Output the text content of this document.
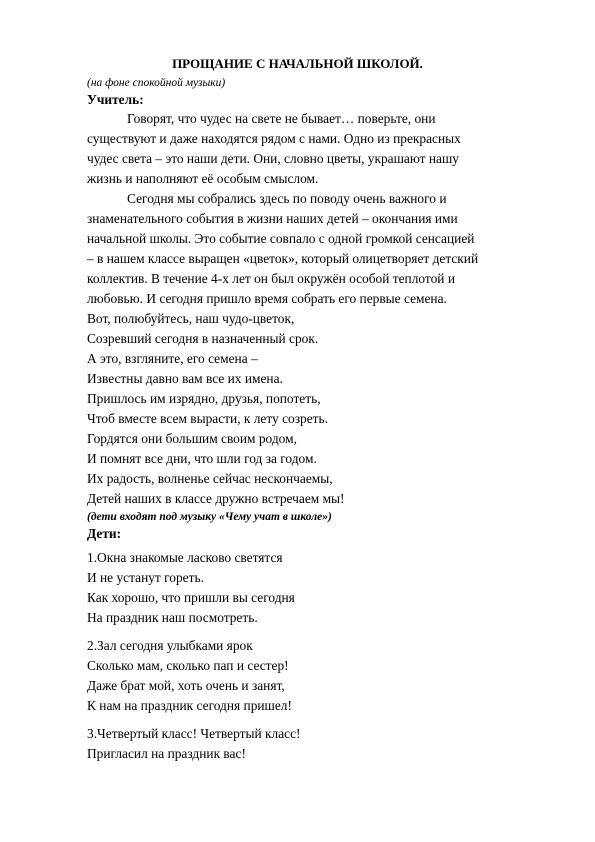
ПРОЩАНИЕ С НАЧАЛЬНОЙ ШКОЛОЙ.
(на фоне спокойной музыки)
Учитель:
Говорят, что чудес на свете не бывает… поверьте, они
существуют и даже находятся рядом с нами. Одно из прекрасных
чудес света – это наши дети. Они, словно цветы, украшают нашу
жизнь и наполняют её особым смыслом.
Сегодня мы собрались здесь по поводу очень важного и
знаменательного события в жизни наших детей – окончания ими
начальной школы. Это событие совпало с одной громкой сенсацией
– в нашем классе выращен «цветок», который олицетворяет детский
коллектив. В течение 4-х лет он был окружён особой теплотой и
любовью. И сегодня пришло время собрать его первые семена.
Вот, полюбуйтесь, наш чудо-цветок,
Созревший сегодня в назначенный срок.
А это, взгляните, его семена –
Известны давно вам все их имена.
Пришлось им изрядно, друзья, попотеть,
Чтоб вместе всем вырасти, к лету созреть.
Гордятся они большим своим родом,
И помнят все дни, что шли год за годом.
Их радость, волненье сейчас нескончаемы,
Детей наших в классе дружно встречаем мы!
(дети входят под музыку «Чему учат в школе»)
Дети:
1.Окна знакомые ласково светятся
И не устанут гореть.
Как хорошо, что пришли вы сегодня
На праздник наш посмотреть.
2.Зал сегодня улыбками ярок
Сколько мам, сколько пап и сестер!
Даже брат мой, хоть очень и занят,
К нам на праздник сегодня пришел!
3.Четвертый класс! Четвертый класс!
Пригласил на праздник вас!
